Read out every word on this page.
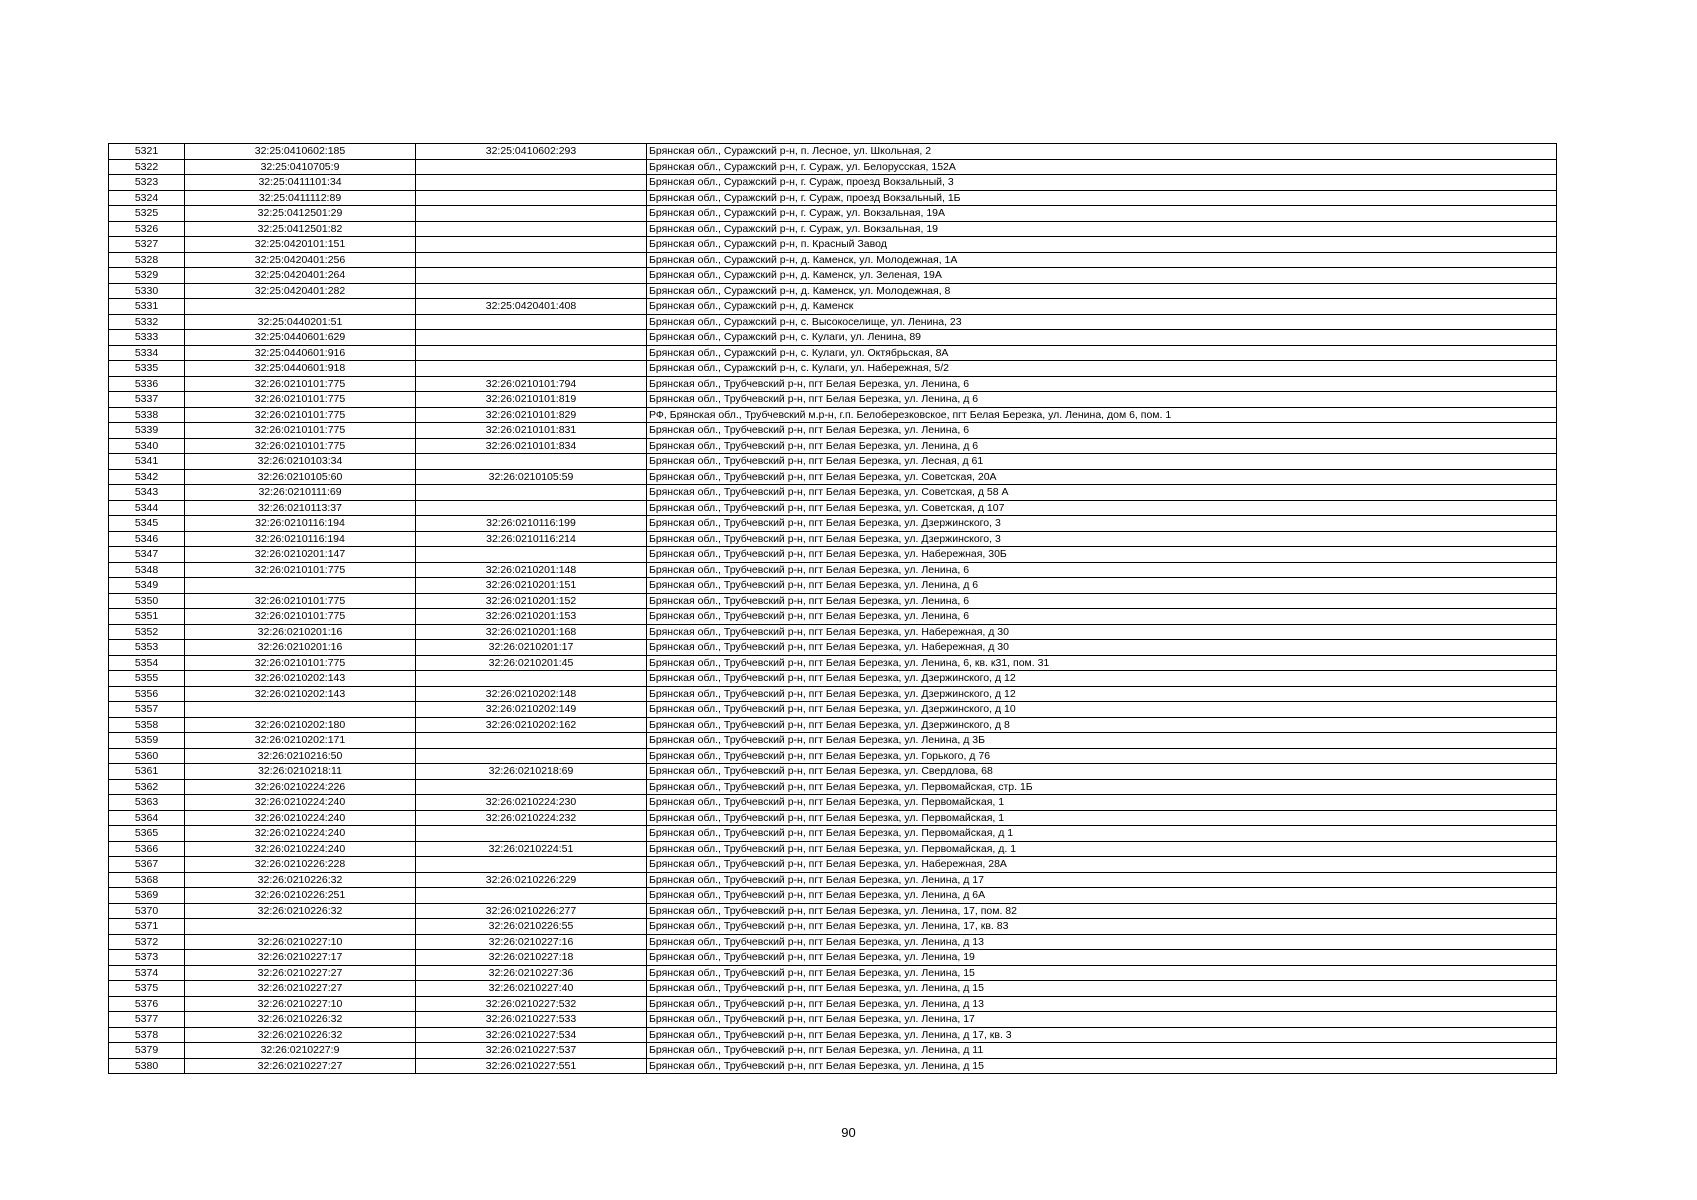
5321	32:25:0410602:185	32:25:0410602:293	Брянская обл., Суражский р-н, п. Лесное, ул. Школьная, 2
5322	32:25:0410705:9		Брянская обл., Суражский р-н, г. Сураж, ул. Белорусская, 152А
5323	32:25:0411101:34		Брянская обл., Суражский р-н, г. Сураж, проезд Вокзальный, 3
5324	32:25:0411112:89		Брянская обл., Суражский р-н, г. Сураж, проезд Вокзальный, 1Б
5325	32:25:0412501:29		Брянская обл., Суражский р-н, г. Сураж, ул. Вокзальная, 19А
5326	32:25:0412501:82		Брянская обл., Суражский р-н, г. Сураж, ул. Вокзальная, 19
5327	32:25:0420101:151		Брянская обл., Суражский р-н, п. Красный Завод
5328	32:25:0420401:256		Брянская обл., Суражский р-н, д. Каменск, ул. Молодежная, 1А
5329	32:25:0420401:264		Брянская обл., Суражский р-н, д. Каменск, ул. Зеленая, 19А
5330	32:25:0420401:282		Брянская обл., Суражский р-н, д. Каменск, ул. Молодежная, 8
5331		32:25:0420401:408	Брянская обл., Суражский р-н, д. Каменск
5332	32:25:0440201:51		Брянская обл., Суражский р-н, с. Высокоселище, ул. Ленина, 23
5333	32:25:0440601:629		Брянская обл., Суражский р-н, с. Кулаги, ул. Ленина, 89
5334	32:25:0440601:916		Брянская обл., Суражский р-н, с. Кулаги, ул. Октябрьская, 8А
5335	32:25:0440601:918		Брянская обл., Суражский р-н, с. Кулаги, ул. Набережная, 5/2
5336	32:26:0210101:775	32:26:0210101:794	Брянская обл., Трубчевский р-н, пгт Белая Березка, ул. Ленина, 6
5337	32:26:0210101:775	32:26:0210101:819	Брянская обл., Трубчевский р-н, пгт Белая Березка, ул. Ленина, д 6
5338	32:26:0210101:775	32:26:0210101:829	РФ, Брянская обл., Трубчевский м.р-н, г.п. Белоберезковское, пгт Белая Березка, ул. Ленина, дом 6, пом. 1
5339	32:26:0210101:775	32:26:0210101:831	Брянская обл., Трубчевский р-н, пгт Белая Березка, ул. Ленина, 6
5340	32:26:0210101:775	32:26:0210101:834	Брянская обл., Трубчевский р-н, пгт Белая Березка, ул. Ленина, д 6
5341	32:26:0210103:34		Брянская обл., Трубчевский р-н, пгт Белая Березка, ул. Лесная, д 61
5342	32:26:0210105:60	32:26:0210105:59	Брянская обл., Трубчевский р-н, пгт Белая Березка, ул. Советская, 20А
5343	32:26:0210111:69		Брянская обл., Трубчевский р-н, пгт Белая Березка, ул. Советская, д 58 А
5344	32:26:0210113:37		Брянская обл., Трубчевский р-н, пгт Белая Березка, ул. Советская, д 107
5345	32:26:0210116:194	32:26:0210116:199	Брянская обл., Трубчевский р-н, пгт Белая Березка, ул. Дзержинского, 3
5346	32:26:0210116:194	32:26:0210116:214	Брянская обл., Трубчевский р-н, пгт Белая Березка, ул. Дзержинского, 3
5347	32:26:0210201:147		Брянская обл., Трубчевский р-н, пгт Белая Березка, ул. Набережная, 30Б
5348	32:26:0210101:775	32:26:0210201:148	Брянская обл., Трубчевский р-н, пгт Белая Березка, ул. Ленина, 6
5349		32:26:0210201:151	Брянская обл., Трубчевский р-н, пгт Белая Березка, ул. Ленина, д 6
5350	32:26:0210101:775	32:26:0210201:152	Брянская обл., Трубчевский р-н, пгт Белая Березка, ул. Ленина, 6
5351	32:26:0210101:775	32:26:0210201:153	Брянская обл., Трубчевский р-н, пгт Белая Березка, ул. Ленина, 6
5352	32:26:0210201:16	32:26:0210201:168	Брянская обл., Трубчевский р-н, пгт Белая Березка, ул. Набережная, д 30
5353	32:26:0210201:16	32:26:0210201:17	Брянская обл., Трубчевский р-н, пгт Белая Березка, ул. Набережная, д 30
5354	32:26:0210101:775	32:26:0210201:45	Брянская обл., Трубчевский р-н, пгт Белая Березка, ул. Ленина, 6, кв. к31, пом. 31
5355	32:26:0210202:143		Брянская обл., Трубчевский р-н, пгт Белая Березка, ул. Дзержинского, д 12
5356	32:26:0210202:143	32:26:0210202:148	Брянская обл., Трубчевский р-н, пгт Белая Березка, ул. Дзержинского, д 12
5357		32:26:0210202:149	Брянская обл., Трубчевский р-н, пгт Белая Березка, ул. Дзержинского, д 10
5358	32:26:0210202:180	32:26:0210202:162	Брянская обл., Трубчевский р-н, пгт Белая Березка, ул. Дзержинского, д 8
5359	32:26:0210202:171		Брянская обл., Трубчевский р-н, пгт Белая Березка, ул. Ленина, д 3Б
5360	32:26:0210216:50		Брянская обл., Трубчевский р-н, пгт Белая Березка, ул. Горького, д 76
5361	32:26:0210218:11	32:26:0210218:69	Брянская обл., Трубчевский р-н, пгт Белая Березка, ул. Свердлова, 68
5362	32:26:0210224:226		Брянская обл., Трубчевский р-н, пгт Белая Березка, ул. Первомайская, стр. 1Б
5363	32:26:0210224:240	32:26:0210224:230	Брянская обл., Трубчевский р-н, пгт Белая Березка, ул. Первомайская, 1
5364	32:26:0210224:240	32:26:0210224:232	Брянская обл., Трубчевский р-н, пгт Белая Березка, ул. Первомайская, 1
5365	32:26:0210224:240		Брянская обл., Трубчевский р-н, пгт Белая Березка, ул. Первомайская, д 1
5366	32:26:0210224:240	32:26:0210224:51	Брянская обл., Трубчевский р-н, пгт Белая Березка, ул. Первомайская, д. 1
5367	32:26:0210226:228		Брянская обл., Трубчевский р-н, пгт Белая Березка, ул. Набережная, 28А
5368	32:26:0210226:32	32:26:0210226:229	Брянская обл., Трубчевский р-н, пгт Белая Березка, ул. Ленина, д 17
5369	32:26:0210226:251		Брянская обл., Трубчевский р-н, пгт Белая Березка, ул. Ленина, д 6А
5370	32:26:0210226:32	32:26:0210226:277	Брянская обл., Трубчевский р-н, пгт Белая Березка, ул. Ленина, 17, пом. 82
5371		32:26:0210226:55	Брянская обл., Трубчевский р-н, пгт Белая Березка, ул. Ленина, 17, кв. 83
5372	32:26:0210227:10	32:26:0210227:16	Брянская обл., Трубчевский р-н, пгт Белая Березка, ул. Ленина, д 13
5373	32:26:0210227:17	32:26:0210227:18	Брянская обл., Трубчевский р-н, пгт Белая Березка, ул. Ленина, 19
5374	32:26:0210227:27	32:26:0210227:36	Брянская обл., Трубчевский р-н, пгт Белая Березка, ул. Ленина, 15
5375	32:26:0210227:27	32:26:0210227:40	Брянская обл., Трубчевский р-н, пгт Белая Березка, ул. Ленина, д 15
5376	32:26:0210227:10	32:26:0210227:532	Брянская обл., Трубчевский р-н, пгт Белая Березка, ул. Ленина, д 13
5377	32:26:0210226:32	32:26:0210227:533	Брянская обл., Трубчевский р-н, пгт Белая Березка, ул. Ленина, 17
5378	32:26:0210226:32	32:26:0210227:534	Брянская обл., Трубчевский р-н, пгт Белая Березка, ул. Ленина, д 17, кв. 3
5379	32:26:0210227:9	32:26:0210227:537	Брянская обл., Трубчевский р-н, пгт Белая Березка, ул. Ленина, д 11
5380	32:26:0210227:27	32:26:0210227:551	Брянская обл., Трубчевский р-н, пгт Белая Березка, ул. Ленина, д 15
90
